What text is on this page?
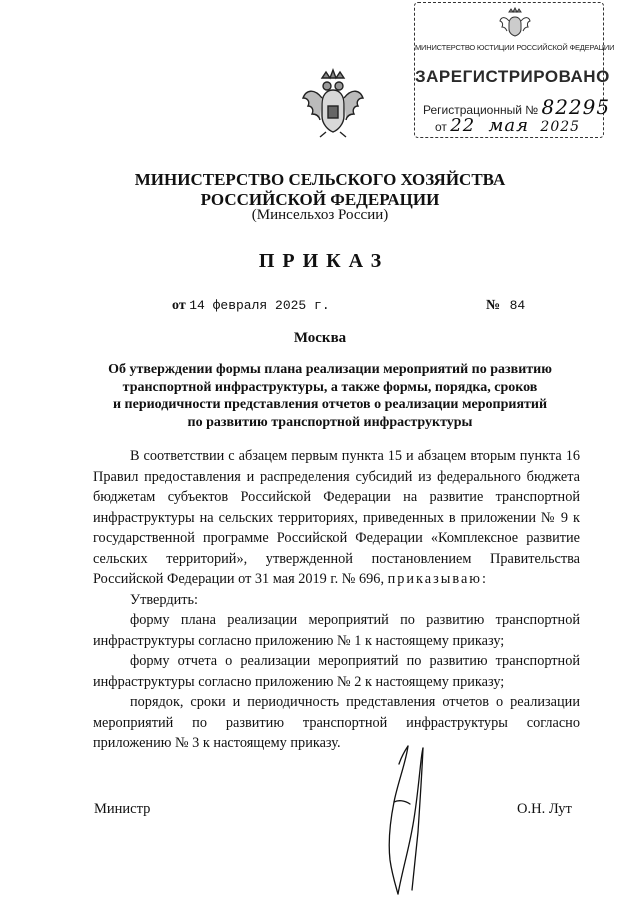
МИНИСТЕРСТВО ЮСТИЦИИ РОССИЙСКОЙ ФЕДЕРАЦИИ
ЗАРЕГИСТРИРОВАНО
Регистрационный № 82295
от 22 мая 2025
МИНИСТЕРСТВО СЕЛЬСКОГО ХОЗЯЙСТВА
РОССИЙСКОЙ ФЕДЕРАЦИИ
(Минсельхоз России)
ПРИКАЗ
от 14 февраля 2025 г.	№ 84
Москва
Об утверждении формы плана реализации мероприятий по развитию
транспортной инфраструктуры, а также формы, порядка, сроков
и периодичности представления отчетов о реализации мероприятий
по развитию транспортной инфраструктуры

В соответствии с абзацем первым пункта 15 и абзацем вторым пункта 16 Правил предоставления и распределения субсидий из федерального бюджета бюджетам субъектов Российской Федерации на развитие транспортной инфраструктуры на сельских территориях, приведенных в приложении № 9 к государственной программе Российской Федерации «Комплексное развитие сельских территорий», утвержденной постановлением Правительства Российской Федерации от 31 мая 2019 г. № 696, приказываю:

Утвердить:

форму плана реализации мероприятий по развитию транспортной инфраструктуры согласно приложению № 1 к настоящему приказу;

форму отчета о реализации мероприятий по развитию транспортной инфраструктуры согласно приложению № 2 к настоящему приказу;

порядок, сроки и периодичность представления отчетов о реализации мероприятий по развитию транспортной инфраструктуры согласно приложению № 3 к настоящему приказу.

Министр	О.Н. Лут
